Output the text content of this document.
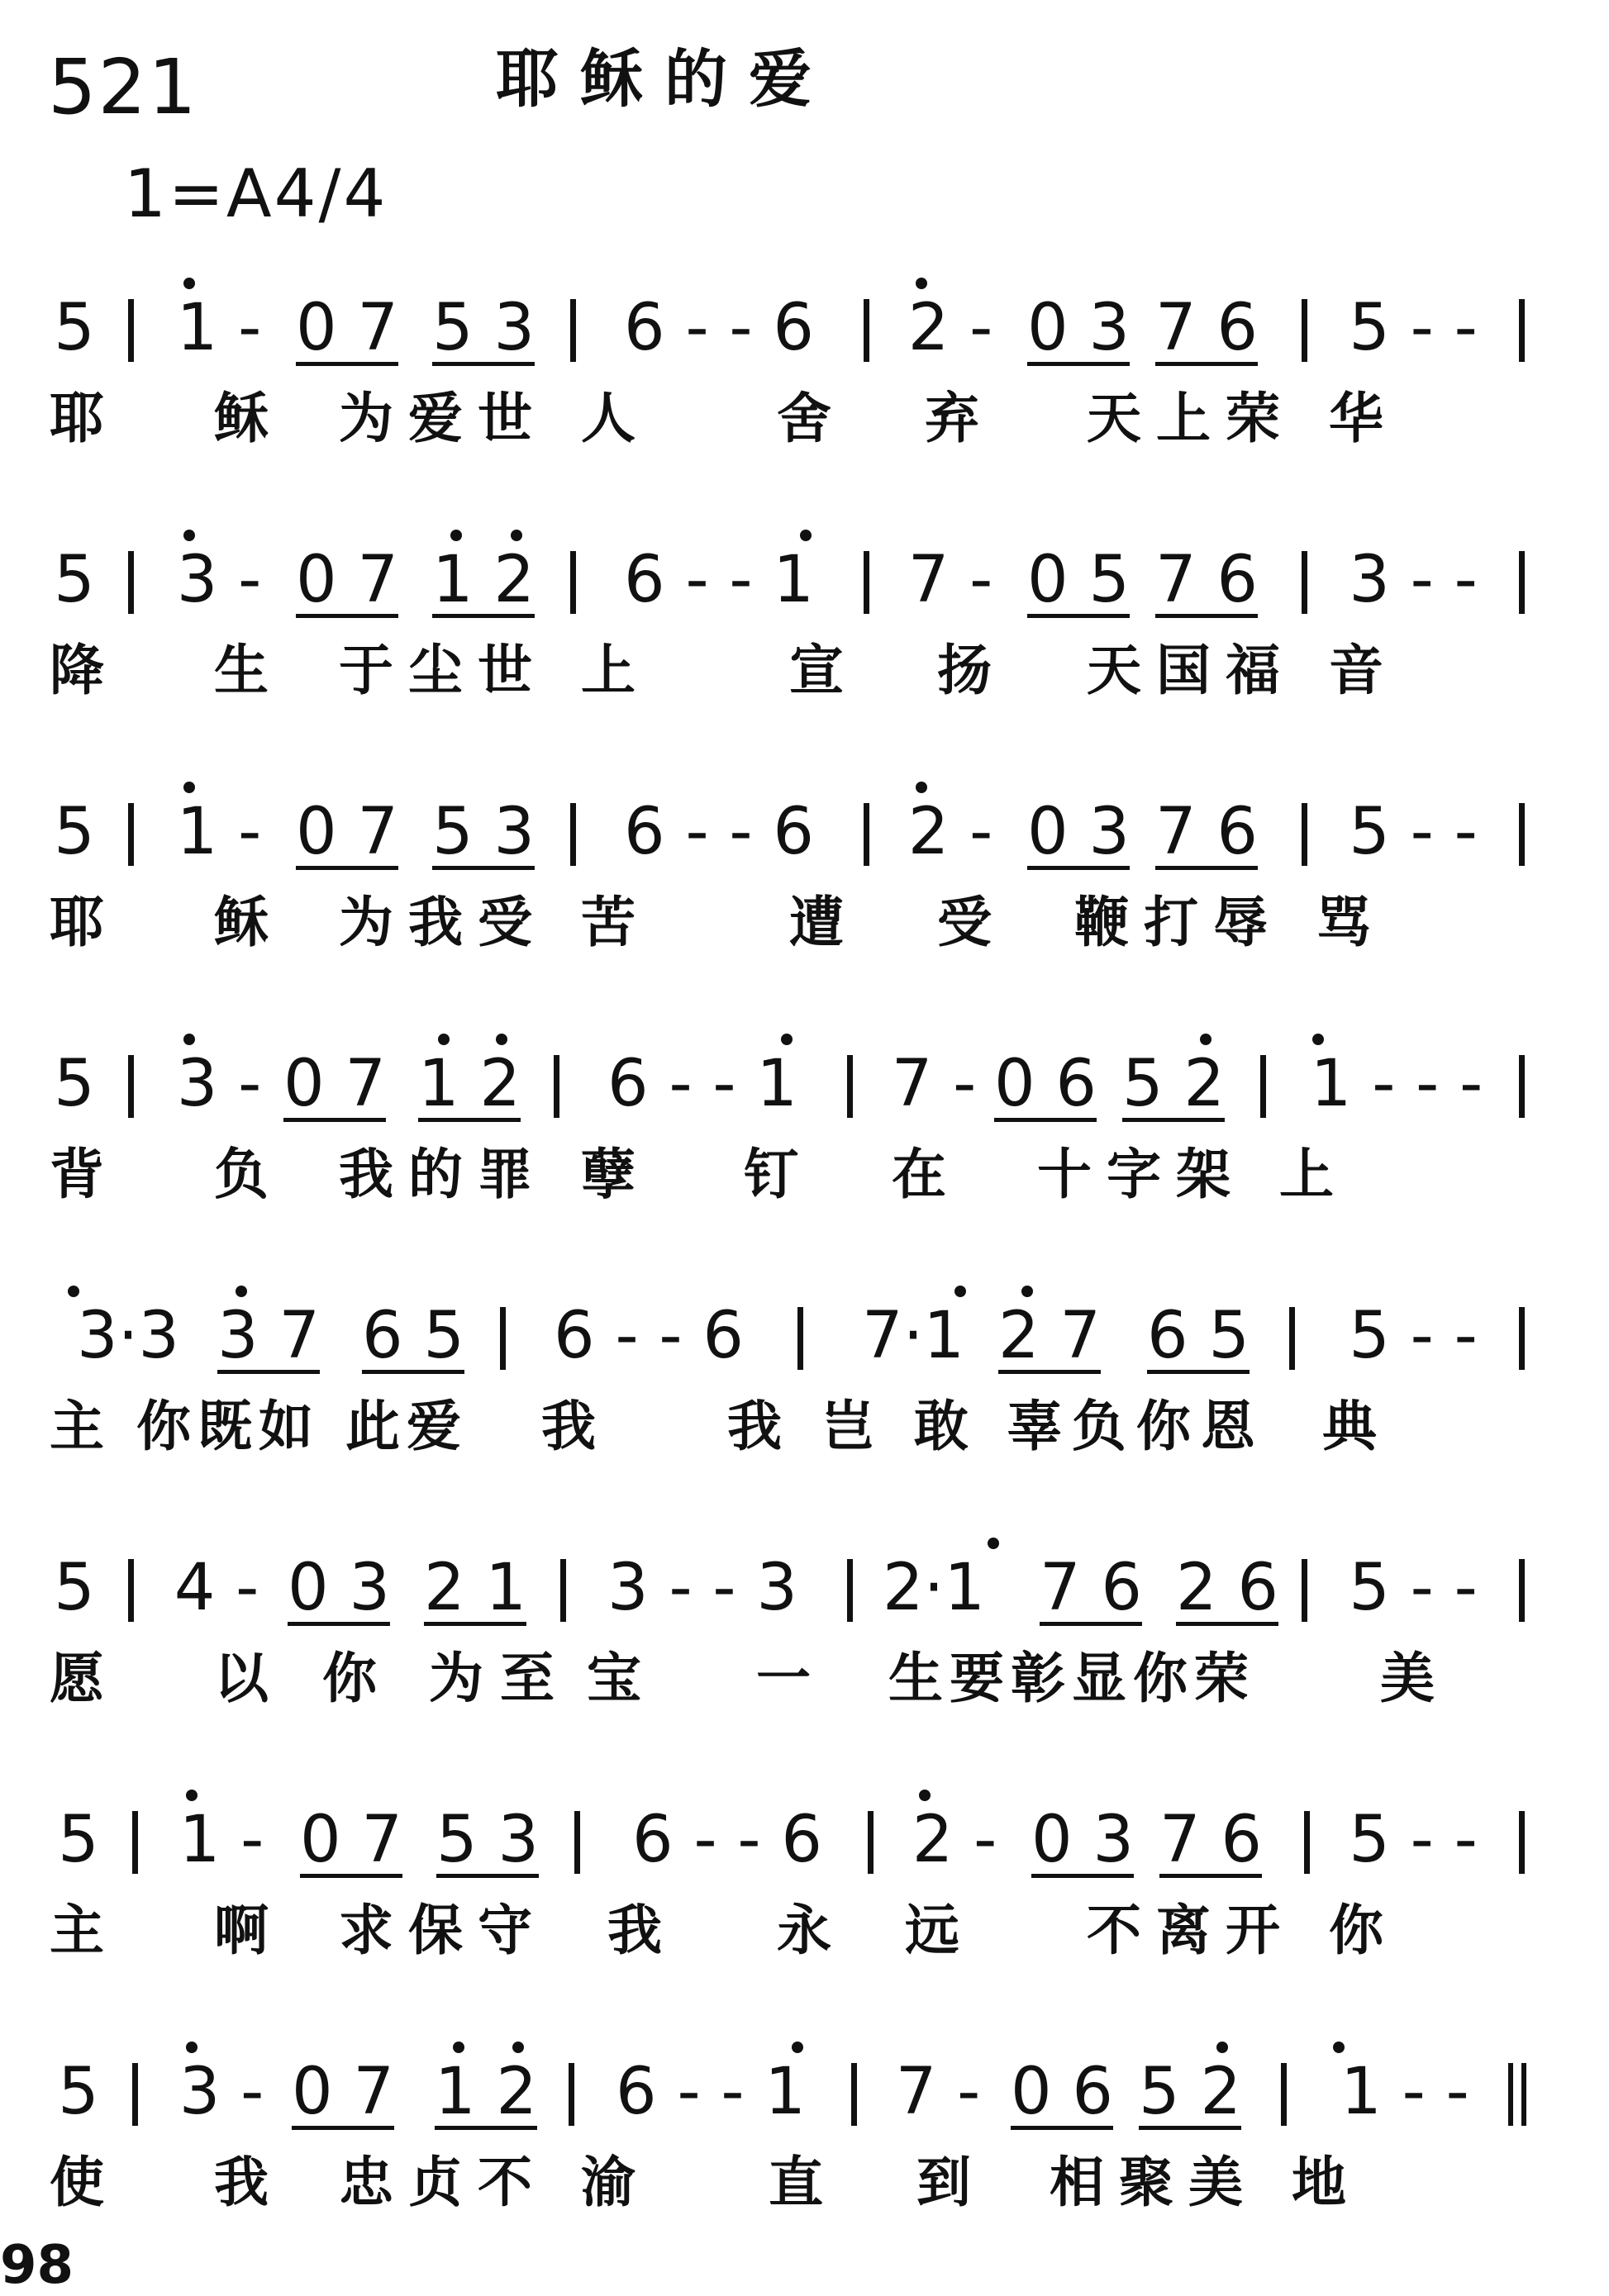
521	耶稣的爱
1=A4/4
5 1 - 0 7 5 3 6 - - 6 2 - 0 3 7 6 5 - -
耶 稣 为爱世 人 舍 弃 天上荣 华
5 3 - 0 7 1 2 6 - - 1 7 - 0 5 7 6 3 - -
降 生 于尘世 上	宣 扬 天国福 音
5 1 - 0 7 5 3 6 - - 6 2 - 0 3 7 6 5 - -
耶 稣 为我受 苦	遭 受 鞭打辱 骂
5 3 - 0 7 1 2 6 - - 1 7 - 0 6 5 2 1 - - -
背 负 我的罪 孽 钉 在 十字架 上
3·3 3 7 6 5 6 - - 6 7·1 2 7 6 5 5 - -
主 你既如 此爱 我 我 岂 敢 辜负你恩 典
5 4 - 0 3 2 1 3 - - 3 2·1 7 6 2 6 5 - -
愿 以 你 为至 宝 一 生要彰显你荣 美
5 1 - 0 7 5 3 6 - - 6 2 - 0 3 7 6 5 - -
主 啊 求保守 我 永 远 不离开 你
5 3 - 0 7 1 2 6 - - 1 7 - 0 6 5 2 1 - -
使 我 忠贞不 渝 直 到 相聚美 地
98
